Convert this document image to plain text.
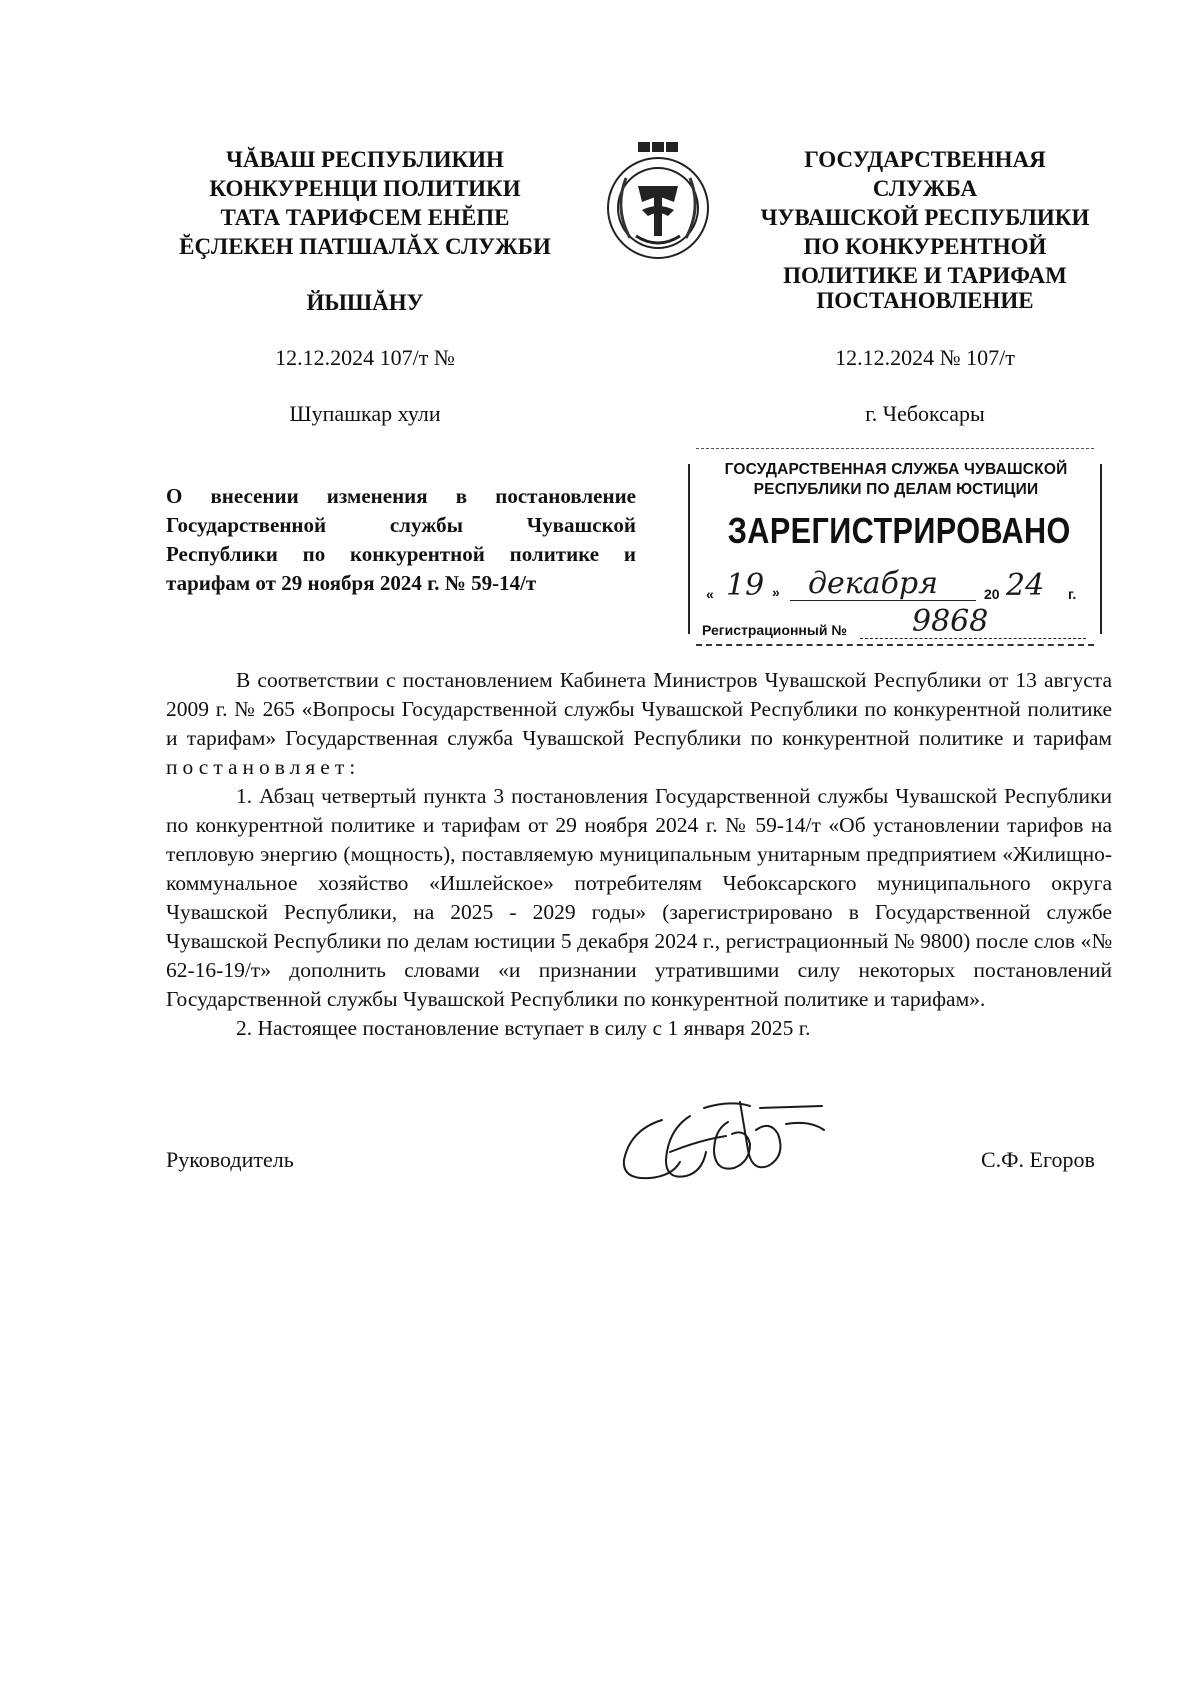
ЧĂВАШ РЕСПУБЛИКИН
КОНКУРЕНЦИ ПОЛИТИКИ
ТАТА ТАРИФСЕМ ЕНĔПЕ
ĔÇЛЕКЕН ПАТШАЛĂХ СЛУЖБИ
ГОСУДАРСТВЕННАЯ
СЛУЖБА
ЧУВАШСКОЙ РЕСПУБЛИКИ
ПО КОНКУРЕНТНОЙ
ПОЛИТИКЕ И ТАРИФАМ
ЙЫШĂНУ	ПОСТАНОВЛЕНИЕ
12.12.2024 107/т №	12.12.2024 № 107/т
Шупашкар хули	г. Чебоксары
О внесении изменения в постановление
Государственной службы Чувашской
Республики по конкурентной политике и
тарифам от 29 ноября 2024 г. № 59-14/т
ГОСУДАРСТВЕННАЯ СЛУЖБА ЧУВАШСКОЙ
РЕСПУБЛИКИ ПО ДЕЛАМ ЮСТИЦИИ
ЗАРЕГИСТРИРОВАНО
« 19 » декабря	20 24 г.
Регистрационный № 9868

В соответствии с постановлением Кабинета Министров Чувашской Республики от 13 августа 2009 г. № 265 «Вопросы Государственной службы Чувашской Республики по конкурентной политике и тарифам» Государственная служба Чувашской Республики по конкурентной политике и тарифам постановляет:

1. Абзац четвертый пункта 3 постановления Государственной службы Чувашской Республики по конкурентной политике и тарифам от 29 ноября 2024 г. № 59-14/т «Об установлении тарифов на тепловую энергию (мощность), поставляемую муниципальным унитарным предприятием «Жилищно-коммунальное хозяйство «Ишлейское» потребителям Чебоксарского муниципального округа Чувашской Республики, на 2025 - 2029 годы» (зарегистрировано в Государственной службе Чувашской Республики по делам юстиции 5 декабря 2024 г., регистрационный № 9800) после слов «№ 62-16-19/т» дополнить словами «и признании утратившими силу некоторых постановлений Государственной службы Чувашской Республики по конкурентной политике и тарифам».

2. Настоящее постановление вступает в силу с 1 января 2025 г.

Руководитель	С.Ф. Егоров
